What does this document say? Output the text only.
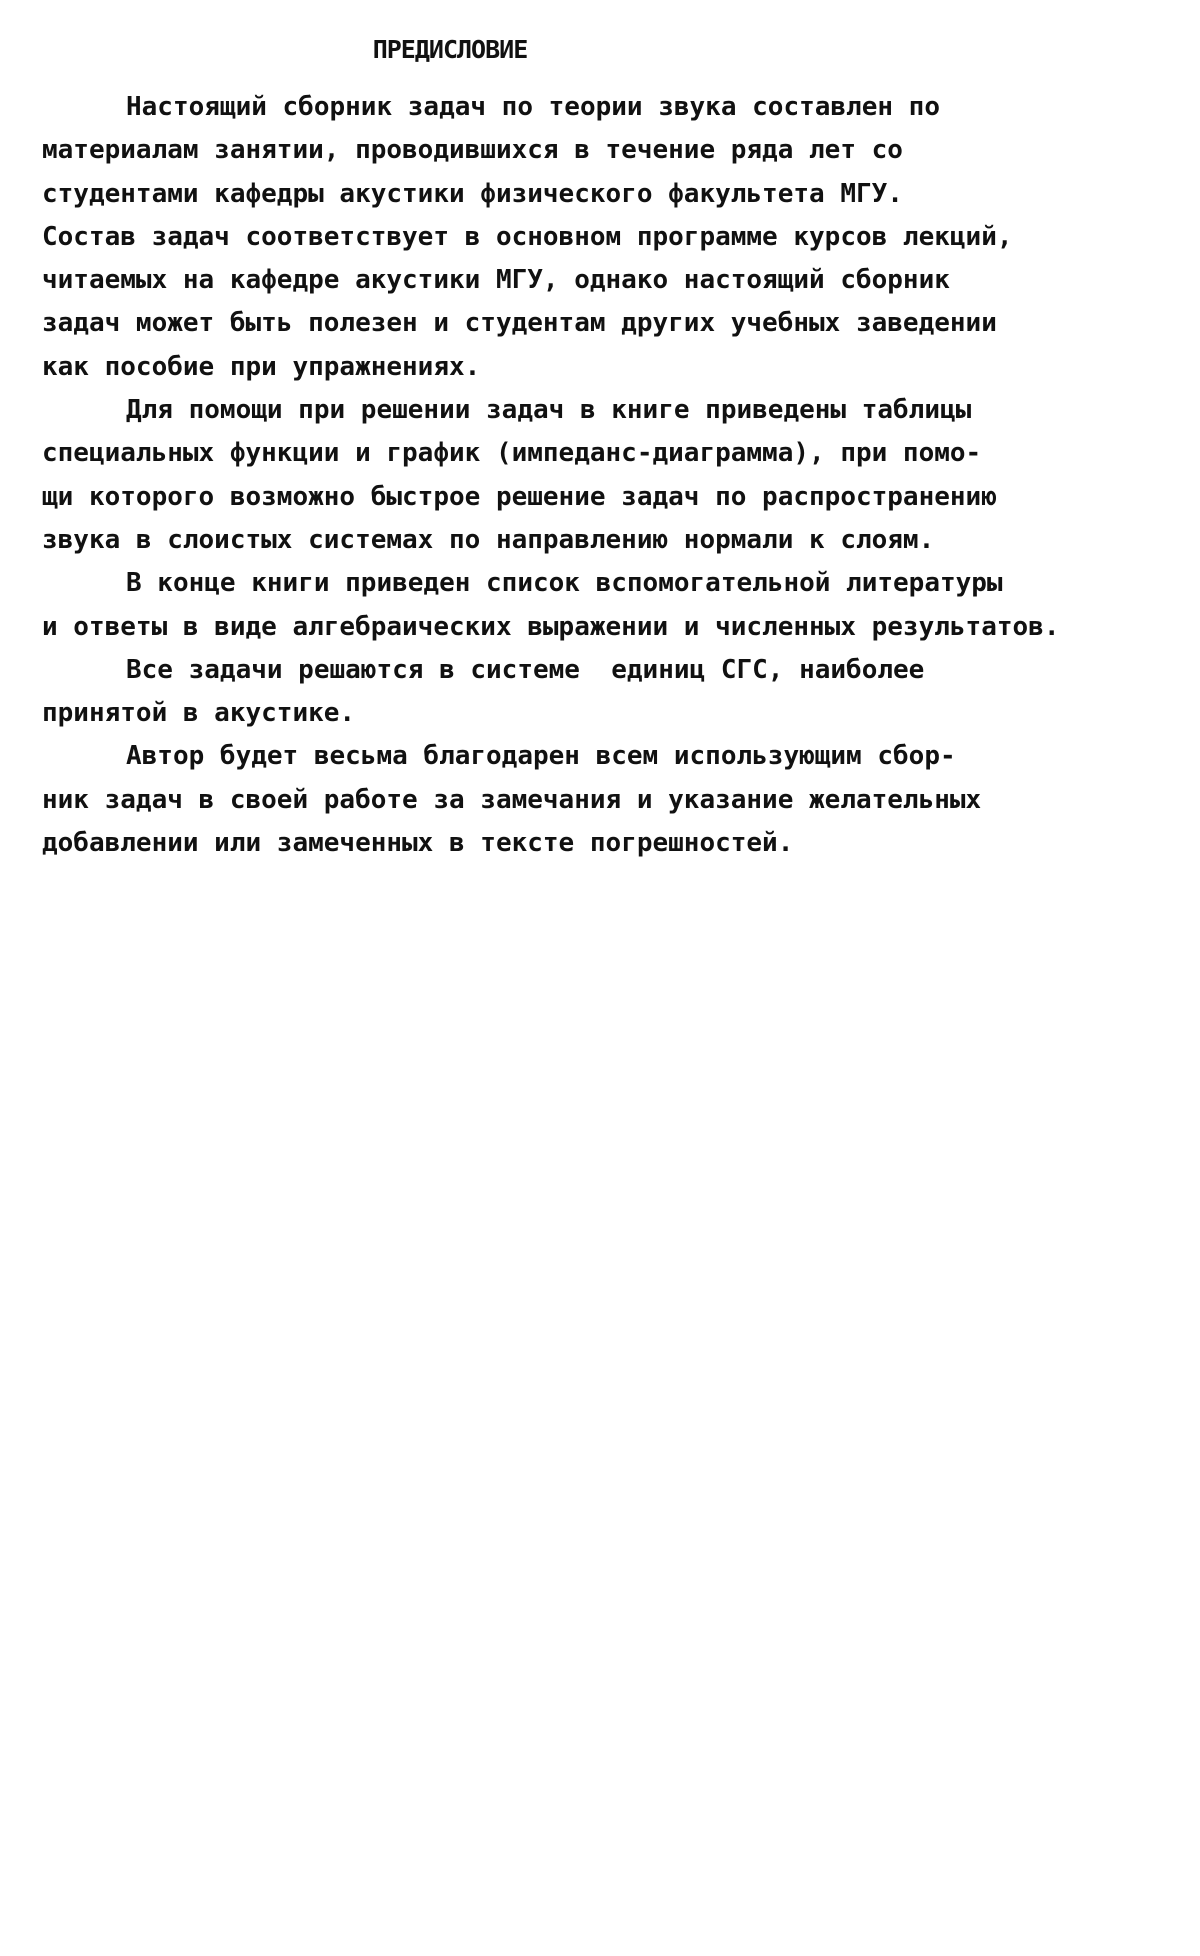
ПРЕДИСЛОВИЕ
Настоящий сборник задач по теории звука составлен по
материалам занятии, проводившихся в течение ряда лет со
студентами кафедры акустики физического факультета МГУ.
Состав задач соответствует в основном программе курсов лекций,
читаемых на кафедре акустики МГУ, однако настоящий сборник
задач может быть полезен и студентам других учебных заведении
как пособие при упражнениях.
Для помощи при решении задач в книге приведены таблицы
специальных функции и график (импеданс-диаграмма), при помо-
щи которого возможно быстрое решение задач по распространению
звука в слоистых системах по направлению нормали к слоям.
В конце книги приведен список вспомогательной литературы
и ответы в виде алгебраических выражении и численных результатов.
Все задачи решаются в системе  единиц СГС, наиболее
принятой в акустике.
Автор будет весьма благодарен всем использующим сбор-
ник задач в своей работе за замечания и указание желательных
добавлении или замеченных в тексте погрешностей.
